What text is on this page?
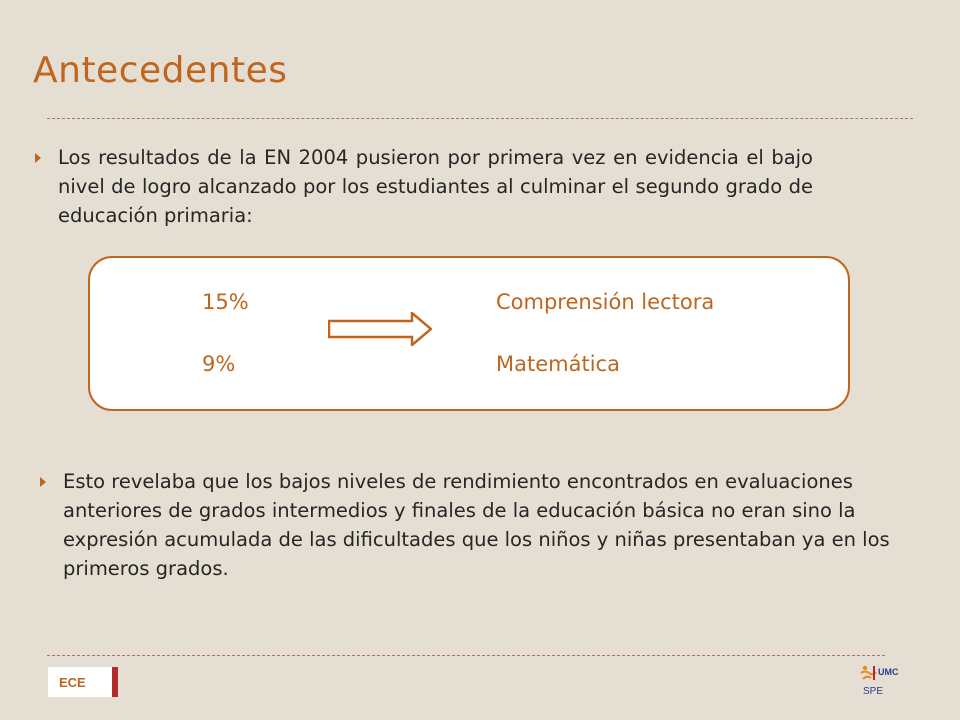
Antecedentes
Los resultados de la EN 2004 pusieron por primera vez en evidencia el bajo nivel de logro alcanzado por los estudiantes al culminar el segundo grado de educación primaria:
15%	Comprensión lectora
9%	Matemática
Esto revelaba que los bajos niveles de rendimiento encontrados en evaluaciones anteriores de grados intermedios y finales de la educación básica no eran sino la expresión acumulada de las dificultades que los niños y niñas presentaban ya en los primeros grados.
ECE
UMC
SPE
